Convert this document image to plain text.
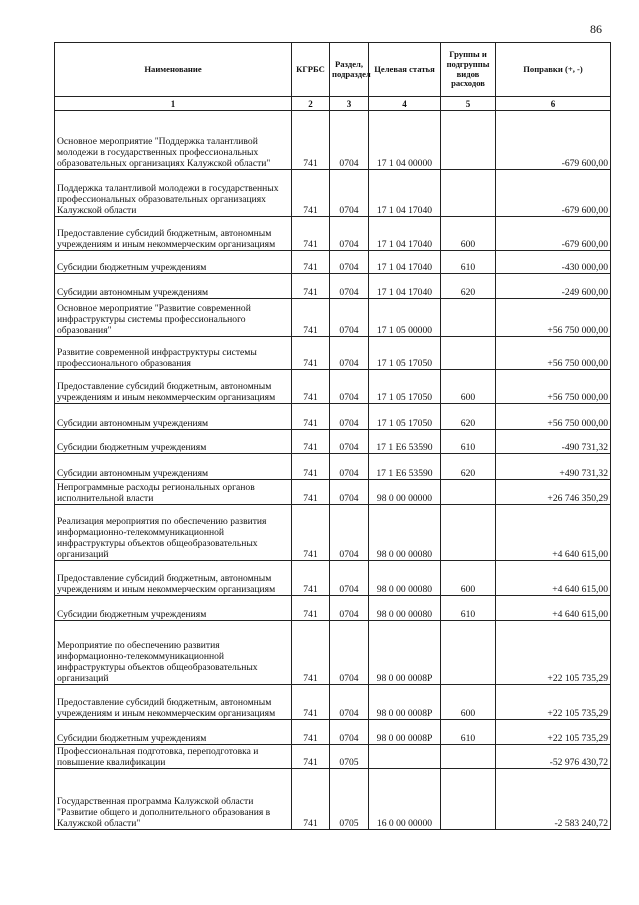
86
Наименование	КГРБС	Раздел, подраздел	Целевая статья	Группы и подгруппы видов расходов	Поправки (+, -)
1	2	3	4	5	6
Основное мероприятие "Поддержка талантливой молодежи в государственных профессиональных образовательных организациях Калужской области"	741	0704	17 1 04 00000		-679 600,00
Поддержка талантливой молодежи в государственных профессиональных образовательных организациях Калужской области	741	0704	17 1 04 17040		-679 600,00
Предоставление субсидий бюджетным, автономным учреждениям и иным некоммерческим организациям	741	0704	17 1 04 17040	600	-679 600,00
Субсидии бюджетным учреждениям	741	0704	17 1 04 17040	610	-430 000,00
Субсидии автономным учреждениям	741	0704	17 1 04 17040	620	-249 600,00
Основное мероприятие "Развитие современной инфраструктуры системы профессионального образования"	741	0704	17 1 05 00000		+56 750 000,00
Развитие современной инфраструктуры системы профессионального образования	741	0704	17 1 05 17050		+56 750 000,00
Предоставление субсидий бюджетным, автономным учреждениям и иным некоммерческим организациям	741	0704	17 1 05 17050	600	+56 750 000,00
Субсидии автономным учреждениям	741	0704	17 1 05 17050	620	+56 750 000,00
Субсидии бюджетным учреждениям	741	0704	17 1 E6 53590	610	-490 731,32
Субсидии автономным учреждениям	741	0704	17 1 E6 53590	620	+490 731,32
Непрограммные расходы региональных органов исполнительной власти	741	0704	98 0 00 00000		+26 746 350,29
Реализация мероприятия по обеспечению развития информационно-телекоммуникационной инфраструктуры объектов общеобразовательных организаций	741	0704	98 0 00 00080		+4 640 615,00
Предоставление субсидий бюджетным, автономным учреждениям и иным некоммерческим организациям	741	0704	98 0 00 00080	600	+4 640 615,00
Субсидии бюджетным учреждениям	741	0704	98 0 00 00080	610	+4 640 615,00
Мероприятие по обеспечению развития информационно-телекоммуникационной инфраструктуры объектов общеобразовательных организаций	741	0704	98 0 00 0008P		+22 105 735,29
Предоставление субсидий бюджетным, автономным учреждениям и иным некоммерческим организациям	741	0704	98 0 00 0008P	600	+22 105 735,29
Субсидии бюджетным учреждениям	741	0704	98 0 00 0008P	610	+22 105 735,29
Профессиональная подготовка, переподготовка и повышение квалификации	741	0705			-52 976 430,72
Государственная программа Калужской области "Развитие общего и дополнительного образования в Калужской области"	741	0705	16 0 00 00000		-2 583 240,72
